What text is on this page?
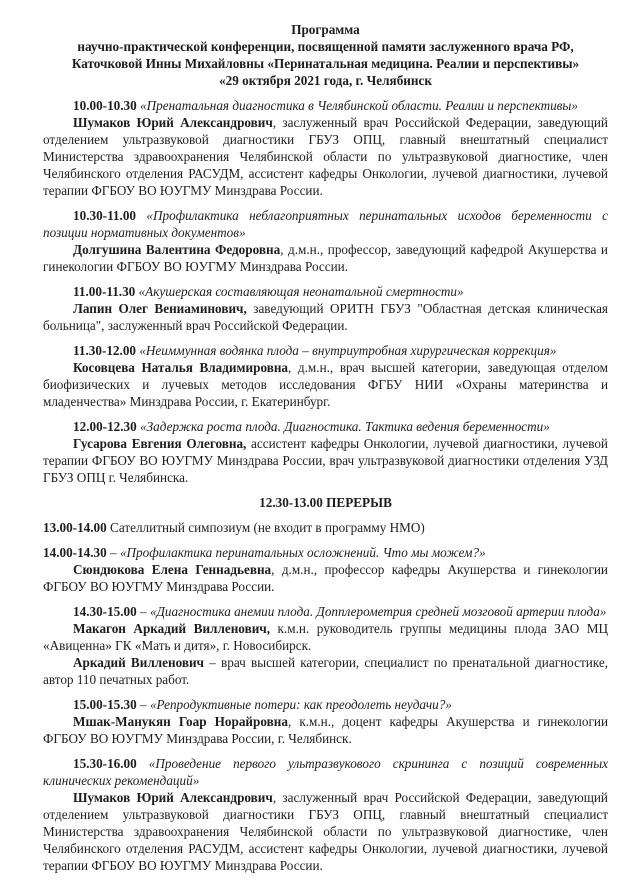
Программа
научно-практической конференции, посвященной памяти заслуженного врача РФ,
Каточковой Инны Михайловны «Перинатальная медицина. Реалии и перспективы»
«29 октября 2021 года, г. Челябинск

10.00-10.30 «Пренатальная диагностика в Челябинской области. Реалии и перспективы»

Шумаков Юрий Александрович, заслуженный врач Российской Федерации, заведующий отделением ультразвуковой диагностики ГБУЗ ОПЦ, главный внештатный специалист Министерства здравоохранения Челябинской области по ультразвуковой диагностике, член Челябинского отделения РАСУДМ, ассистент кафедры Онкологии, лучевой диагностики, лучевой терапии ФГБОУ ВО ЮУГМУ Минздрава России.

10.30-11.00 «Профилактика неблагоприятных перинатальных исходов беременности с позиции нормативных документов»

Долгушина Валентина Федоровна, д.м.н., профессор, заведующий кафедрой Акушерства и гинекологии ФГБОУ ВО ЮУГМУ Минздрава России.

11.00-11.30 «Акушерская составляющая неонатальной смертности»

Лапин Олег Вениаминович, заведующий ОРИТН ГБУЗ "Областная детская клиническая больница", заслуженный врач Российской Федерации.

11.30-12.00 «Неиммунная водянка плода – внутриутробная хирургическая коррекция»

Косовцева Наталья Владимировна, д.м.н., врач высшей категории, заведующая отделом биофизических и лучевых методов исследования ФГБУ НИИ «Охраны материнства и младенчества» Минздрава России, г. Екатеринбург.

12.00-12.30 «Задержка роста плода. Диагностика. Тактика ведения беременности»

Гусарова Евгения Олеговна, ассистент кафедры Онкологии, лучевой диагностики, лучевой терапии ФГБОУ ВО ЮУГМУ Минздрава России, врач ультразвуковой диагностики отделения УЗД ГБУЗ ОПЦ г. Челябинска.

12.30-13.00 ПЕРЕРЫВ

13.00-14.00 Сателлитный симпозиум (не входит в программу НМО)

14.00-14.30 – «Профилактика перинатальных осложнений. Что мы можем?»

Сюндюкова Елена Геннадьевна, д.м.н., профессор кафедры Акушерства и гинекологии ФГБОУ ВО ЮУГМУ Минздрава России.

14.30-15.00 – «Диагностика анемии плода. Допплерометрия средней мозговой артерии плода»

Макагон Аркадий Вилленович, к.м.н. руководитель группы медицины плода ЗАО МЦ «Авиценна» ГК «Мать и дитя», г. Новосибирск.

Аркадий Вилленович – врач высшей категории, специалист по пренатальной диагностике, автор 110 печатных работ.

15.00-15.30 – «Репродуктивные потери: как преодолеть неудачи?»

Мшак-Манукян Гоар Норайровна, к.м.н., доцент кафедры Акушерства и гинекологии ФГБОУ ВО ЮУГМУ Минздрава России, г. Челябинск.

15.30-16.00 «Проведение первого ультразвукового скрининга с позиций современных клинических рекомендаций»

Шумаков Юрий Александрович, заслуженный врач Российской Федерации, заведующий отделением ультразвуковой диагностики ГБУЗ ОПЦ, главный внештатный специалист Министерства здравоохранения Челябинской области по ультразвуковой диагностике, член Челябинского отделения РАСУДМ, ассистент кафедры Онкологии, лучевой диагностики, лучевой терапии ФГБОУ ВО ЮУГМУ Минздрава России.
